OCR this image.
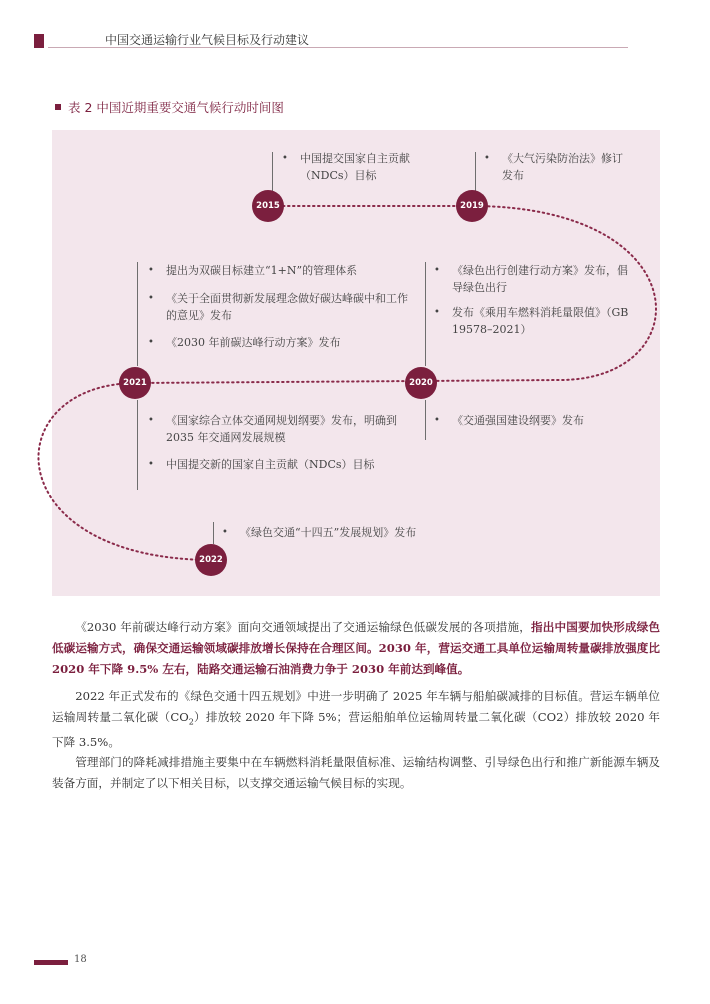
中国交通运输行业气候目标及行动建议
表 2 中国近期重要交通气候行动时间图
2015	2019
2021	2020
2022
•	中国提交国家自主贡献（NDCs）目标
•	《大气污染防治法》修订发布
•	提出为双碳目标建立“1+N”的管理体系
•	《关于全面贯彻新发展理念做好碳达峰碳中和工作的意见》发布
•	《2030 年前碳达峰行动方案》发布
•	《绿色出行创建行动方案》发布，倡导绿色出行
•	发布《乘用车燃料消耗量限值》（GB 19578–2021）
•	《国家综合立体交通网规划纲要》发布，明确到 2035 年交通网发展规模
•	中国提交新的国家自主贡献（NDCs）目标
•	《交通强国建设纲要》发布
•	《绿色交通“十四五”发展规划》发布
《2030 年前碳达峰行动方案》面向交通领域提出了交通运输绿色低碳发展的各项措施，指出中国要加快形成绿色低碳运输方式，确保交通运输领域碳排放增长保持在合理区间。2030 年，营运交通工具单位运输周转量碳排放强度比 2020 年下降 9.5% 左右，陆路交通运输石油消费力争于 2030 年前达到峰值。
2022 年正式发布的《绿色交通十四五规划》中进一步明确了 2025 年车辆与船舶碳减排的目标值。营运车辆单位运输周转量二氧化碳$(CO_2)$排放较 2020 年下降 5%；营运船舶单位运输周转量二氧化碳（CO2）排放较 2020 年下降 3.5%。
管理部门的降耗减排措施主要集中在车辆燃料消耗量限值标准、运输结构调整、引导绿色出行和推广新能源车辆及装备方面，并制定了以下相关目标，以支撑交通运输气候目标的实现。
18
